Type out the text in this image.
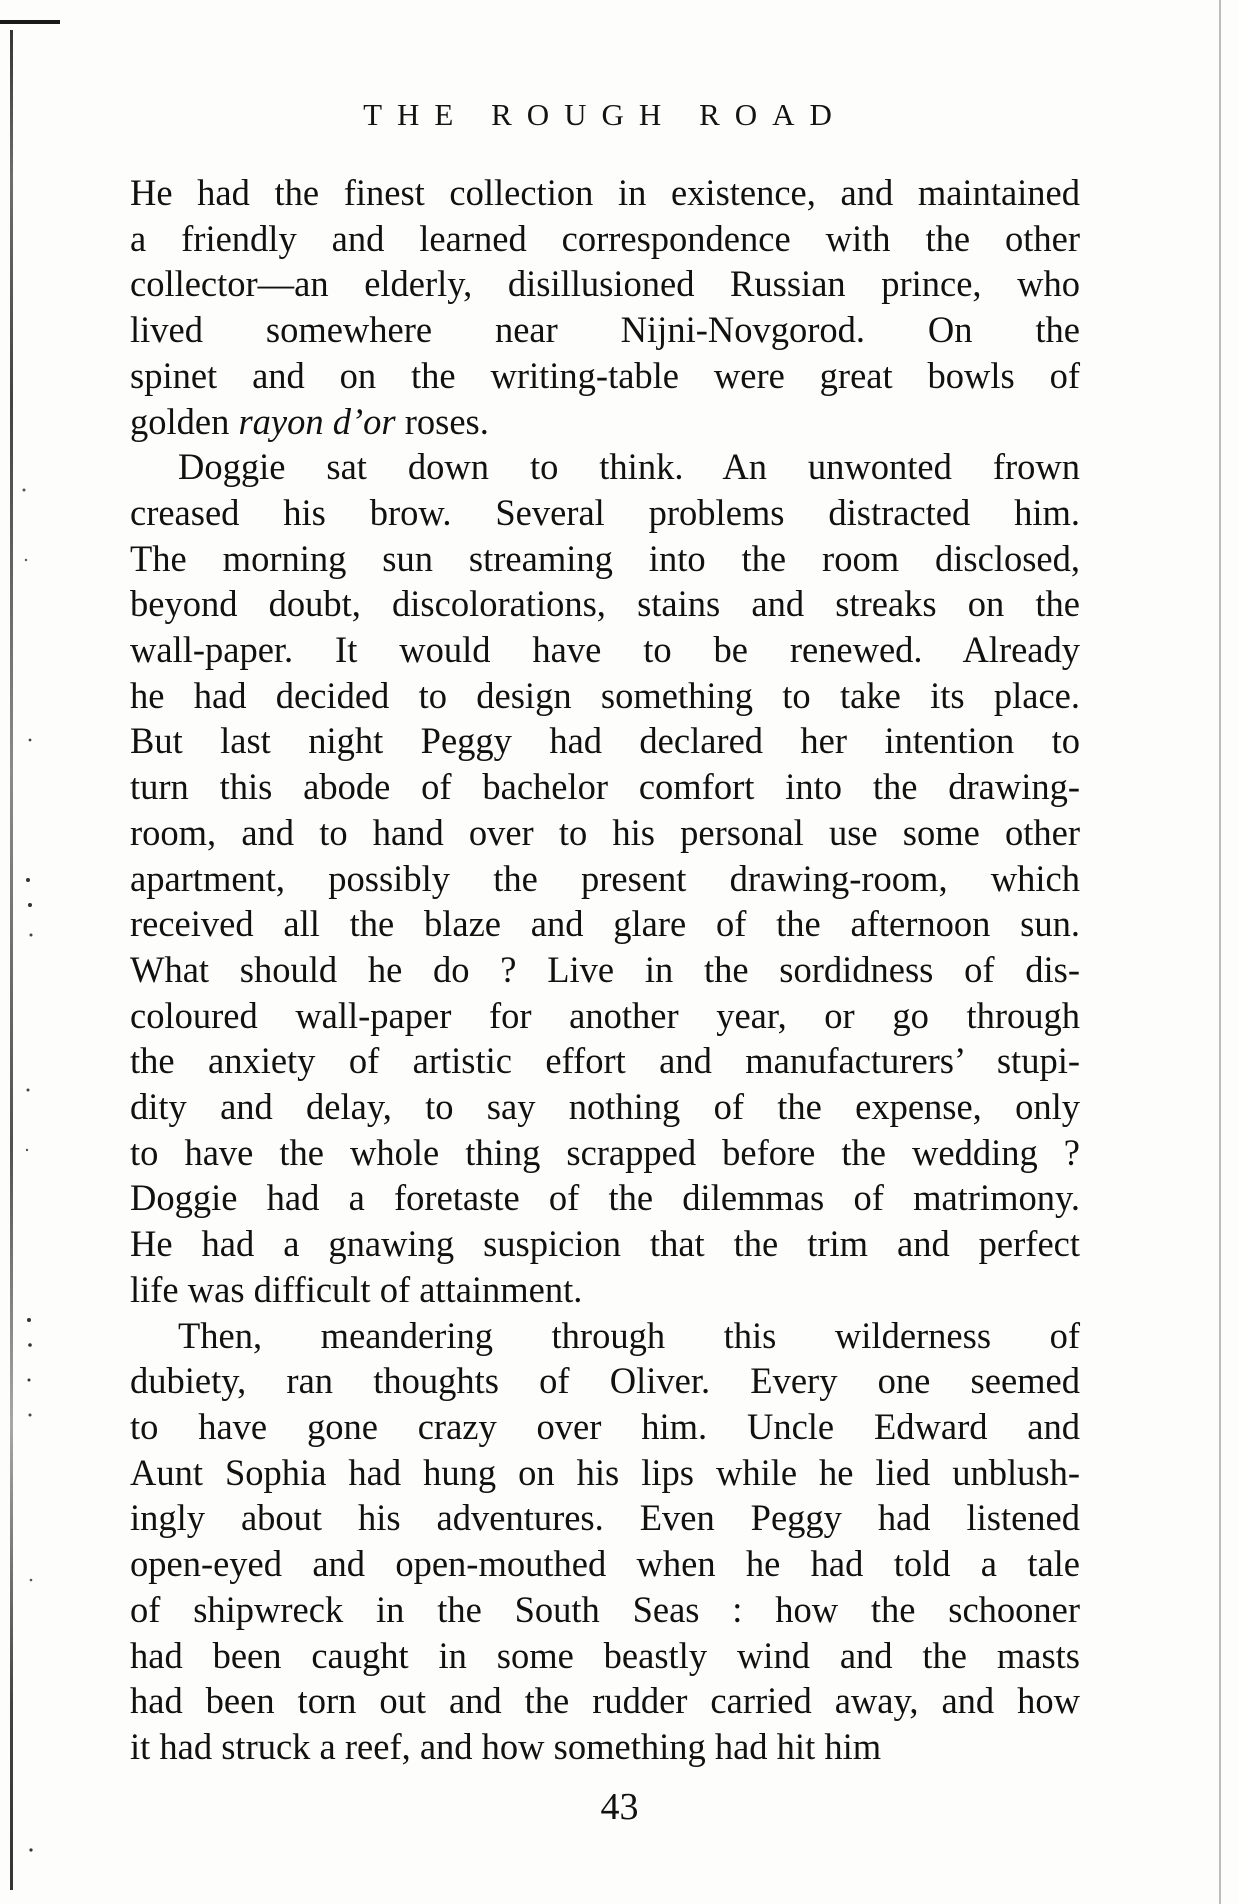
THE ROUGH ROAD

He had the finest collection in existence, and maintained
a friendly and learned correspondence with the other
collector—an elderly, disillusioned Russian prince, who
lived somewhere near Nijni-Novgorod. On the
spinet and on the writing-table were great bowls of
golden rayon d’or roses.

Doggie sat down to think. An unwonted frown
creased his brow. Several problems distracted him.
The morning sun streaming into the room disclosed,
beyond doubt, discolorations, stains and streaks on the
wall-paper. It would have to be renewed. Already
he had decided to design something to take its place.
But last night Peggy had declared her intention to
turn this abode of bachelor comfort into the drawing-
room, and to hand over to his personal use some other
apartment, possibly the present drawing-room, which
received all the blaze and glare of the afternoon sun.
What should he do ? Live in the sordidness of dis-
coloured wall-paper for another year, or go through
the anxiety of artistic effort and manufacturers’ stupi-
dity and delay, to say nothing of the expense, only
to have the whole thing scrapped before the wedding ?
Doggie had a foretaste of the dilemmas of matrimony.
He had a gnawing suspicion that the trim and perfect
life was difficult of attainment.

Then, meandering through this wilderness of
dubiety, ran thoughts of Oliver. Every one seemed
to have gone crazy over him. Uncle Edward and
Aunt Sophia had hung on his lips while he lied unblush-
ingly about his adventures. Even Peggy had listened
open-eyed and open-mouthed when he had told a tale
of shipwreck in the South Seas : how the schooner
had been caught in some beastly wind and the masts
had been torn out and the rudder carried away, and how
it had struck a reef, and how something had hit him

43
